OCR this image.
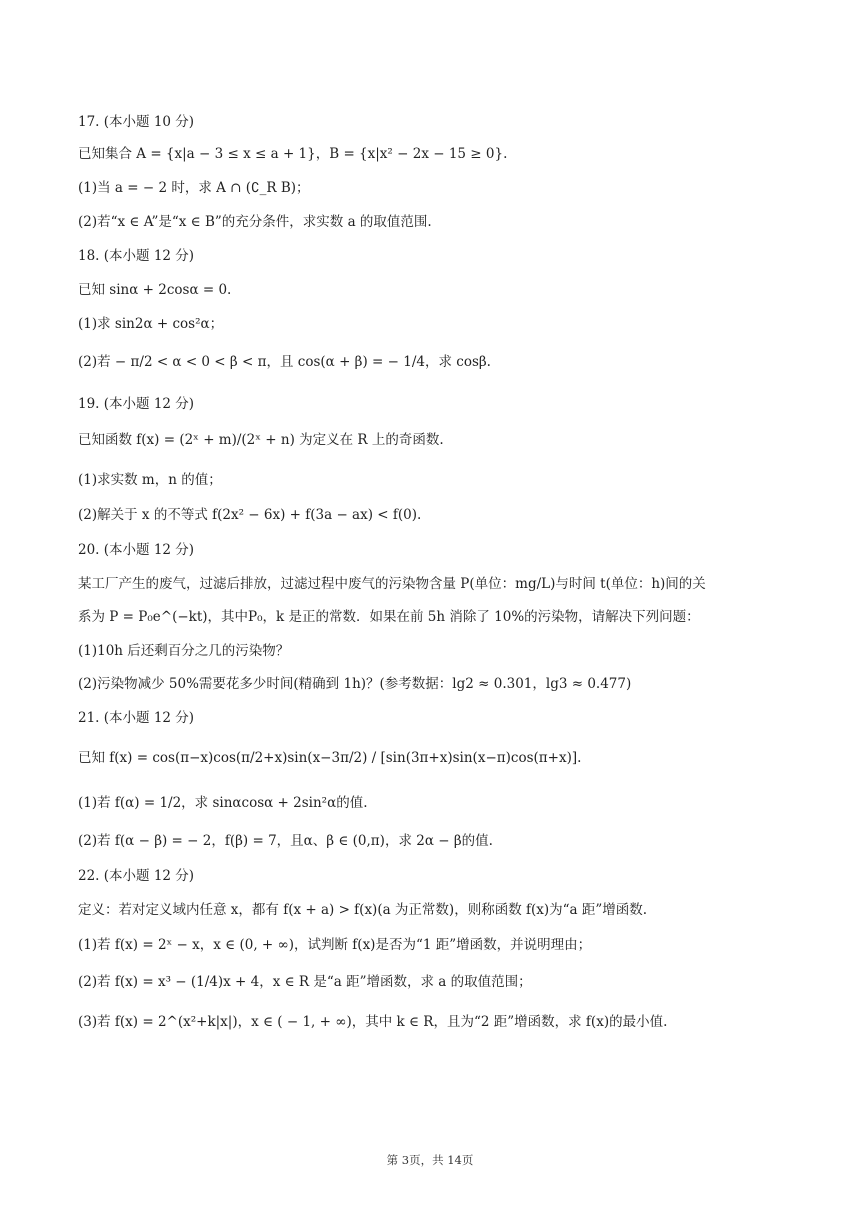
17. (本小题 10 分)
已知集合 A = {x|a − 3 ≤ x ≤ a + 1}，B = {x|x² − 2x − 15 ≥ 0}.
(1)当 a = − 2 时，求 A ∩ (∁_R B)；
(2)若“x ∈ A”是“x ∈ B”的充分条件，求实数 a 的取值范围.
18. (本小题 12 分)
已知 sinα + 2cosα = 0.
(1)求 sin2α + cos²α；
(2)若 − π/2 < α < 0 < β < π，且 cos(α + β) = − 1/4，求 cosβ.
19. (本小题 12 分)
已知函数 f(x) = (2ˣ + m)/(2ˣ + n) 为定义在 R 上的奇函数.
(1)求实数 m，n 的值；
(2)解关于 x 的不等式 f(2x² − 6x) + f(3a − ax) < f(0).
20. (本小题 12 分)
某工厂产生的废气，过滤后排放，过滤过程中废气的污染物含量 P(单位：mg/L)与时间 t(单位：h)间的关
系为 P = P₀e^(−kt)，其中P₀，k 是正的常数．如果在前 5h 消除了 10%的污染物，请解决下列问题：
(1)10h 后还剩百分之几的污染物？
(2)污染物减少 50%需要花多少时间(精确到 1h)？(参考数据：lg2 ≈ 0.301，lg3 ≈ 0.477)
21. (本小题 12 分)
已知 f(x) = cos(π−x)cos(π/2+x)sin(x−3π/2) / [sin(3π+x)sin(x−π)cos(π+x)].
(1)若 f(α) = 1/2，求 sinαcosα + 2sin²α的值.
(2)若 f(α − β) = − 2，f(β) = 7，且α、β ∈ (0,π)，求 2α − β的值.
22. (本小题 12 分)
定义：若对定义域内任意 x，都有 f(x + a) > f(x)(a 为正常数)，则称函数 f(x)为“a 距”增函数.
(1)若 f(x) = 2ˣ − x，x ∈ (0, + ∞)，试判断 f(x)是否为“1 距”增函数，并说明理由；
(2)若 f(x) = x³ − (1/4)x + 4，x ∈ R 是“a 距”增函数，求 a 的取值范围；
(3)若 f(x) = 2^(x²+k|x|)，x ∈ ( − 1, + ∞)，其中 k ∈ R，且为“2 距”增函数，求 f(x)的最小值.
第 3页，共 14页
